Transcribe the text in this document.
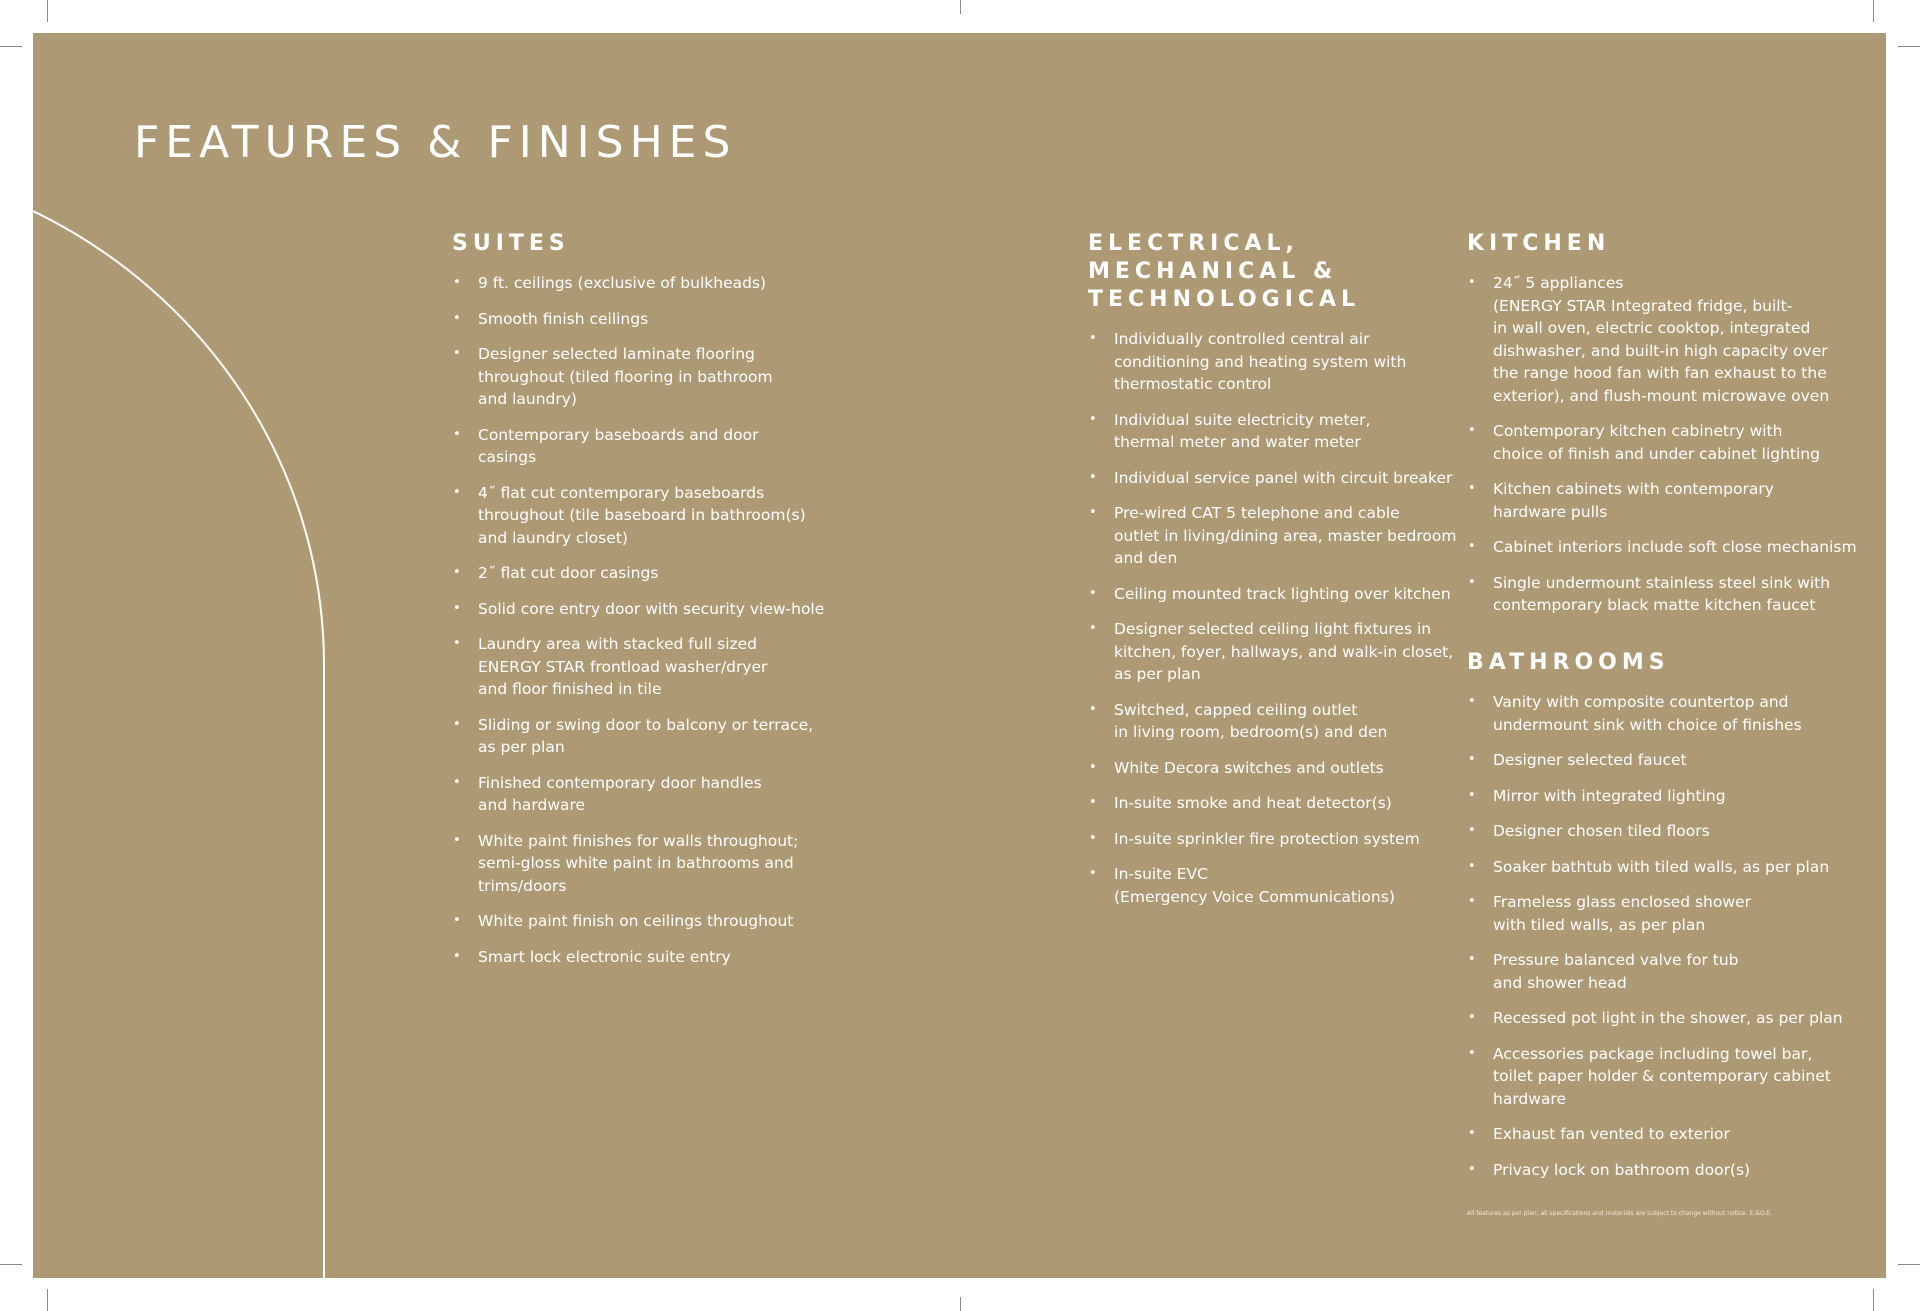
FEATURES & FINISHES
SUITES
• 9 ft. ceilings (exclusive of bulkheads)
• Smooth finish ceilings
• Designer selected laminate flooring
throughout (tiled flooring in bathroom
and laundry)
• Contemporary baseboards and door
casings
• 4˝ flat cut contemporary baseboards
throughout (tile baseboard in bathroom(s)
and laundry closet)
• 2˝ flat cut door casings
• Solid core entry door with security view-hole
• Laundry area with stacked full sized
ENERGY STAR frontload washer/dryer
and floor finished in tile
• Sliding or swing door to balcony or terrace,
as per plan
• Finished contemporary door handles
and hardware
• White paint finishes for walls throughout;
semi-gloss white paint in bathrooms and
trims/doors
• White paint finish on ceilings throughout
• Smart lock electronic suite entry
ELECTRICAL,
MECHANICAL &
TECHNOLOGICAL
• Individually controlled central air
conditioning and heating system with
thermostatic control
• Individual suite electricity meter,
thermal meter and water meter
• Individual service panel with circuit breaker
• Pre-wired CAT 5 telephone and cable
outlet in living/dining area, master bedroom
and den
• Ceiling mounted track lighting over kitchen
• Designer selected ceiling light fixtures in
kitchen, foyer, hallways, and walk-in closet,
as per plan
• Switched, capped ceiling outlet
in living room, bedroom(s) and den
• White Decora switches and outlets
• In-suite smoke and heat detector(s)
• In-suite sprinkler fire protection system
• In-suite EVC
(Emergency Voice Communications)
KITCHEN
• 24˝ 5 appliances
(ENERGY STAR Integrated fridge, built-
in wall oven, electric cooktop, integrated
dishwasher, and built-in high capacity over
the range hood fan with fan exhaust to the
exterior), and flush-mount microwave oven
• Contemporary kitchen cabinetry with
choice of finish and under cabinet lighting
• Kitchen cabinets with contemporary
hardware pulls
• Cabinet interiors include soft close mechanism
• Single undermount stainless steel sink with
contemporary black matte kitchen faucet
BATHROOMS
• Vanity with composite countertop and
undermount sink with choice of finishes
• Designer selected faucet
• Mirror with integrated lighting
• Designer chosen tiled floors
• Soaker bathtub with tiled walls, as per plan
• Frameless glass enclosed shower
with tiled walls, as per plan
• Pressure balanced valve for tub
and shower head
• Recessed pot light in the shower, as per plan
• Accessories package including towel bar,
toilet paper holder & contemporary cabinet
hardware
• Exhaust fan vented to exterior
• Privacy lock on bathroom door(s)
All features as per plan; all specifications and materials are subject to change without notice. E.&O.E.
